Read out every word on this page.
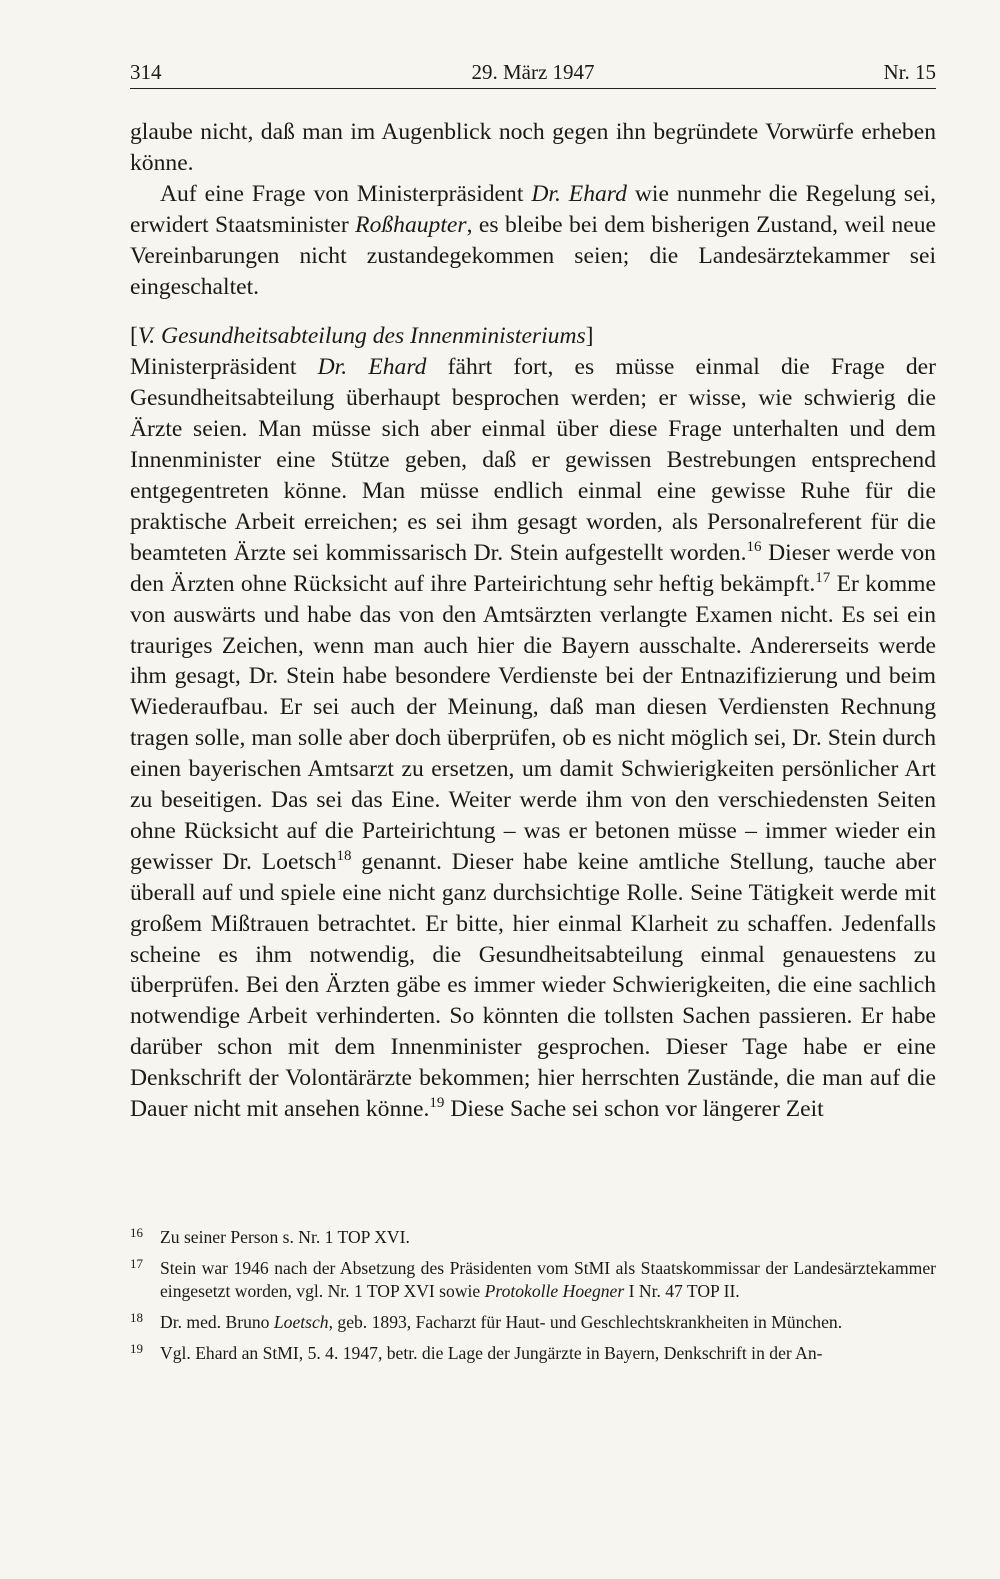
314	29. März 1947	Nr. 15

glaube nicht, daß man im Augenblick noch gegen ihn begründete Vorwürfe erheben könne.

Auf eine Frage von Ministerpräsident Dr. Ehard wie nunmehr die Regelung sei, erwidert Staatsminister Roßhaupter, es bleibe bei dem bisherigen Zustand, weil neue Vereinbarungen nicht zustandegekommen seien; die Landesärztekammer sei eingeschaltet.

[V. Gesundheitsabteilung des Innenministeriums]

Ministerpräsident Dr. Ehard fährt fort, es müsse einmal die Frage der Gesundheitsabteilung überhaupt besprochen werden; er wisse, wie schwierig die Ärzte seien. Man müsse sich aber einmal über diese Frage unterhalten und dem Innenminister eine Stütze geben, daß er gewissen Bestrebungen entsprechend entgegentreten könne. Man müsse endlich einmal eine gewisse Ruhe für die praktische Arbeit erreichen; es sei ihm gesagt worden, als Personalreferent für die beamteten Ärzte sei kommissarisch Dr. Stein aufgestellt worden.$^{16}$ Dieser werde von den Ärzten ohne Rücksicht auf ihre Parteirichtung sehr heftig bekämpft.$^{17}$ Er komme von auswärts und habe das von den Amtsärzten verlangte Examen nicht. Es sei ein trauriges Zeichen, wenn man auch hier die Bayern ausschalte. Andererseits werde ihm gesagt, Dr. Stein habe besondere Verdienste bei der Entnazifizierung und beim Wiederaufbau. Er sei auch der Meinung, daß man diesen Verdiensten Rechnung tragen solle, man solle aber doch überprüfen, ob es nicht möglich sei, Dr. Stein durch einen bayerischen Amtsarzt zu ersetzen, um damit Schwierigkeiten persönlicher Art zu beseitigen. Das sei das Eine. Weiter werde ihm von den verschiedensten Seiten ohne Rücksicht auf die Parteirichtung – was er betonen müsse – immer wieder ein gewisser Dr. Loetsch$^{18}$ genannt. Dieser habe keine amtliche Stellung, tauche aber überall auf und spiele eine nicht ganz durchsichtige Rolle. Seine Tätigkeit werde mit großem Mißtrauen betrachtet. Er bitte, hier einmal Klarheit zu schaffen. Jedenfalls scheine es ihm notwendig, die Gesundheitsabteilung einmal genauestens zu überprüfen. Bei den Ärzten gäbe es immer wieder Schwierigkeiten, die eine sachlich notwendige Arbeit verhinderten. So könnten die tollsten Sachen passieren. Er habe darüber schon mit dem Innenminister gesprochen. Dieser Tage habe er eine Denkschrift der Volontärärzte bekommen; hier herrschten Zustände, die man auf die Dauer nicht mit ansehen könne.$^{19}$ Diese Sache sei schon vor längerer Zeit

16 Zu seiner Person s. Nr. 1 TOP XVI.
17 Stein war 1946 nach der Absetzung des Präsidenten vom StMI als Staatskommissar der Landesärztekammer eingesetzt worden, vgl. Nr. 1 TOP XVI sowie Protokolle Hoegner I Nr. 47 TOP II.
18 Dr. med. Bruno Loetsch, geb. 1893, Facharzt für Haut- und Geschlechtskrankheiten in München.
19 Vgl. Ehard an StMI, 5. 4. 1947, betr. die Lage der Jungärzte in Bayern, Denkschrift in der An-
